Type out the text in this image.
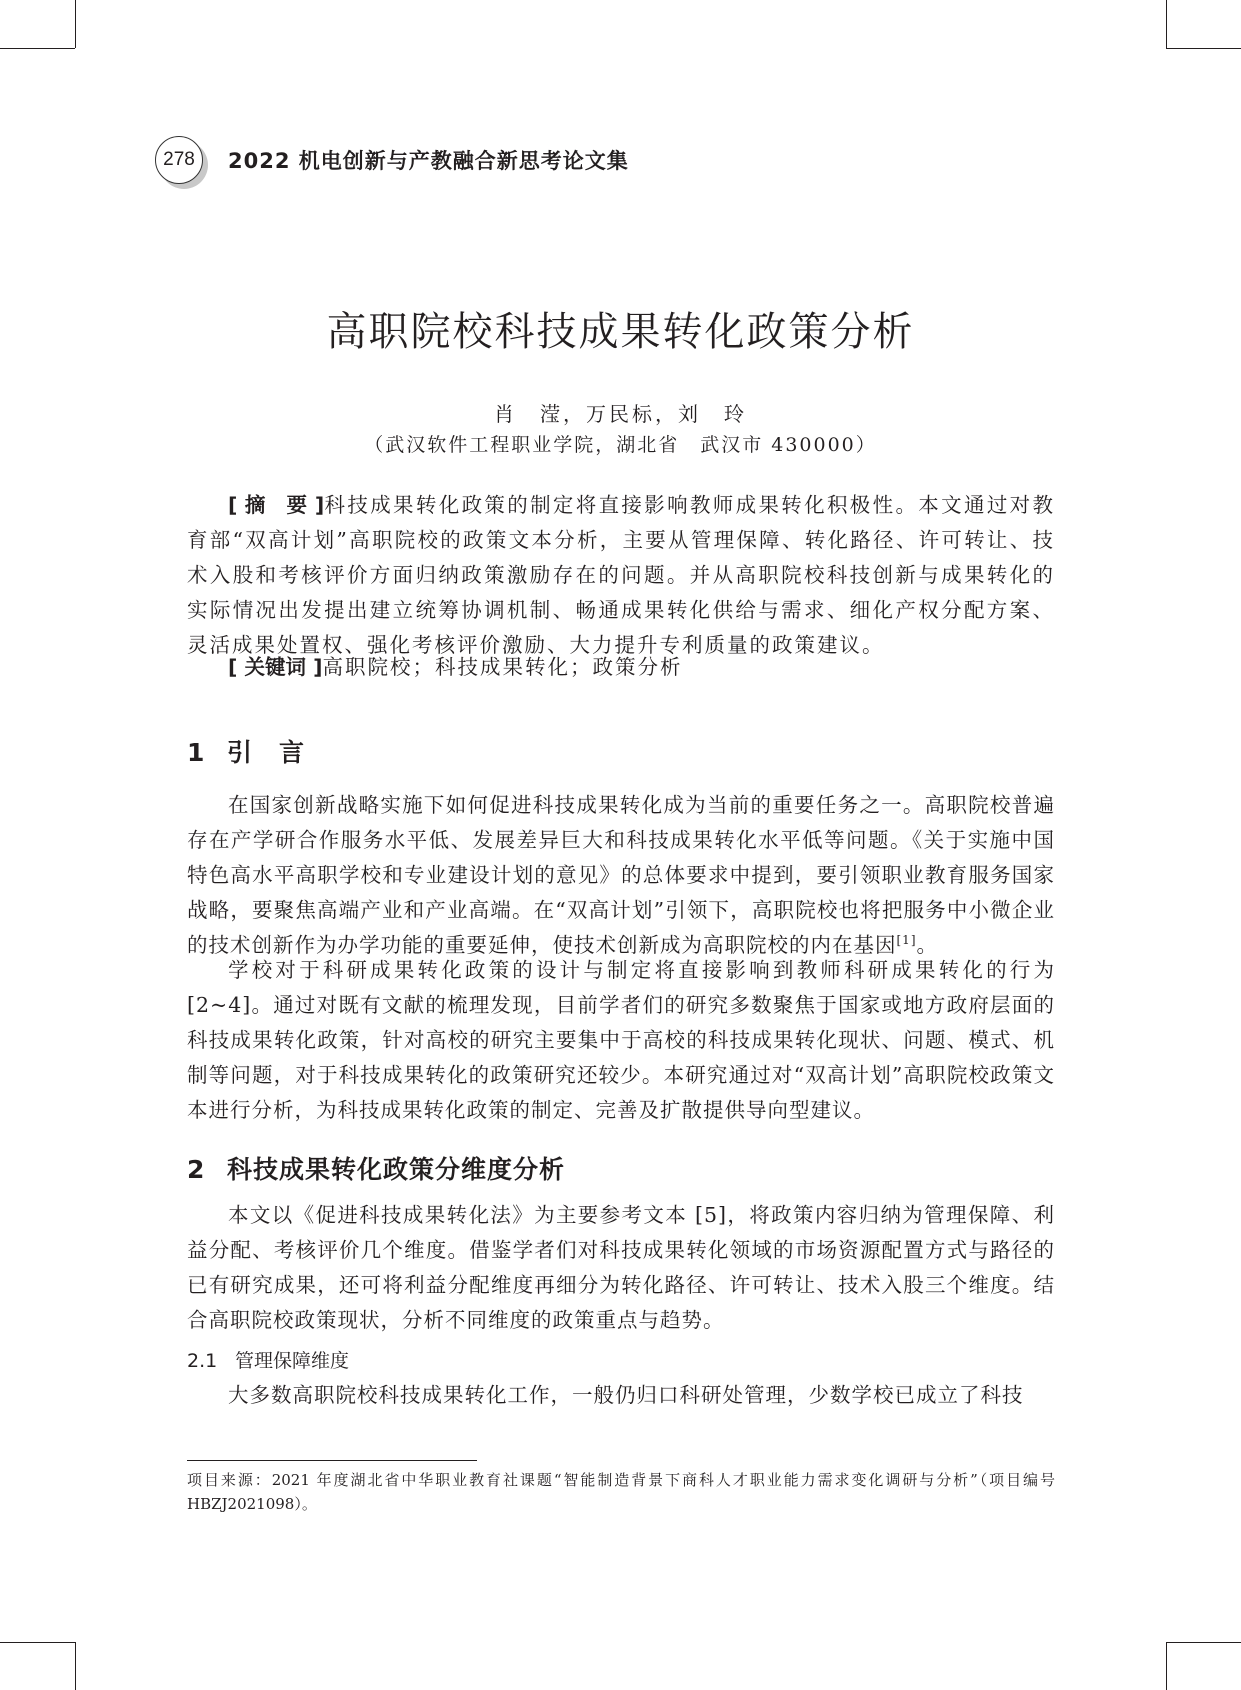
278	2022 机电创新与产教融合新思考论文集
高职院校科技成果转化政策分析
肖　滢，万民标，刘　玲
（武汉软件工程职业学院，湖北省　武汉市 430000）

[ 摘　要 ]科技成果转化政策的制定将直接影响教师成果转化积极性。本文通过对教育部“双高计划”高职院校的政策文本分析，主要从管理保障、转化路径、许可转让、技术入股和考核评价方面归纳政策激励存在的问题。并从高职院校科技创新与成果转化的实际情况出发提出建立统筹协调机制、畅通成果转化供给与需求、细化产权分配方案、灵活成果处置权、强化考核评价激励、大力提升专利质量的政策建议。

[ 关键词 ]高职院校；科技成果转化；政策分析

1 引　言

在国家创新战略实施下如何促进科技成果转化成为当前的重要任务之一。高职院校普遍存在产学研合作服务水平低、发展差异巨大和科技成果转化水平低等问题。《关于实施中国特色高水平高职学校和专业建设计划的意见》的总体要求中提到，要引领职业教育服务国家战略，要聚焦高端产业和产业高端。在“双高计划”引领下，高职院校也将把服务中小微企业的技术创新作为办学功能的重要延伸，使技术创新成为高职院校的内在基因[1]。

学校对于科研成果转化政策的设计与制定将直接影响到教师科研成果转化的行为[2~4]。通过对既有文献的梳理发现，目前学者们的研究多数聚焦于国家或地方政府层面的科技成果转化政策，针对高校的研究主要集中于高校的科技成果转化现状、问题、模式、机制等问题，对于科技成果转化的政策研究还较少。本研究通过对“双高计划”高职院校政策文本进行分析，为科技成果转化政策的制定、完善及扩散提供导向型建议。

2 科技成果转化政策分维度分析

本文以《促进科技成果转化法》为主要参考文本 [5]，将政策内容归纳为管理保障、利益分配、考核评价几个维度。借鉴学者们对科技成果转化领域的市场资源配置方式与路径的已有研究成果，还可将利益分配维度再细分为转化路径、许可转让、技术入股三个维度。结合高职院校政策现状，分析不同维度的政策重点与趋势。

2.1 管理保障维度

大多数高职院校科技成果转化工作，一般仍归口科研处管理，少数学校已成立了科技

项目来源：2021 年度湖北省中华职业教育社课题“智能制造背景下商科人才职业能力需求变化调研与分析”（项目编号 HBZJ2021098）。
